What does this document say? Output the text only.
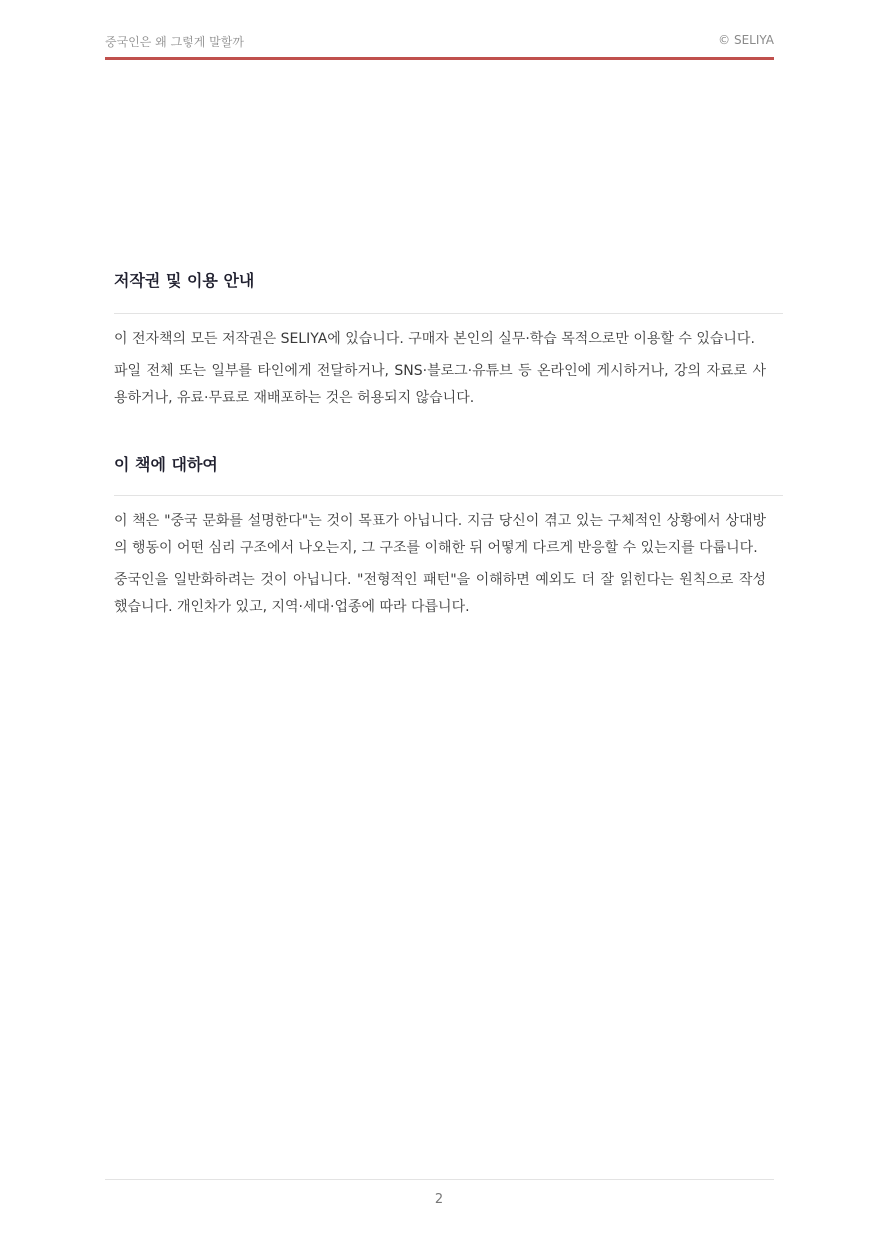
중국인은 왜 그렇게 말할까	© SELIYA
저작권 및 이용 안내
이 전자책의 모든 저작권은 SELIYA에 있습니다. 구매자 본인의 실무·학습 목적으로만 이용할 수 있습니다.
파일 전체 또는 일부를 타인에게 전달하거나, SNS·블로그·유튜브 등 온라인에 게시하거나, 강의 자료로 사용하거나, 유료·무료로 재배포하는 것은 허용되지 않습니다.
이 책에 대하여
이 책은 "중국 문화를 설명한다"는 것이 목표가 아닙니다. 지금 당신이 겪고 있는 구체적인 상황에서 상대방의 행동이 어떤 심리 구조에서 나오는지, 그 구조를 이해한 뒤 어떻게 다르게 반응할 수 있는지를 다룹니다.
중국인을 일반화하려는 것이 아닙니다. "전형적인 패턴"을 이해하면 예외도 더 잘 읽힌다는 원칙으로 작성했습니다. 개인차가 있고, 지역·세대·업종에 따라 다릅니다.
2
